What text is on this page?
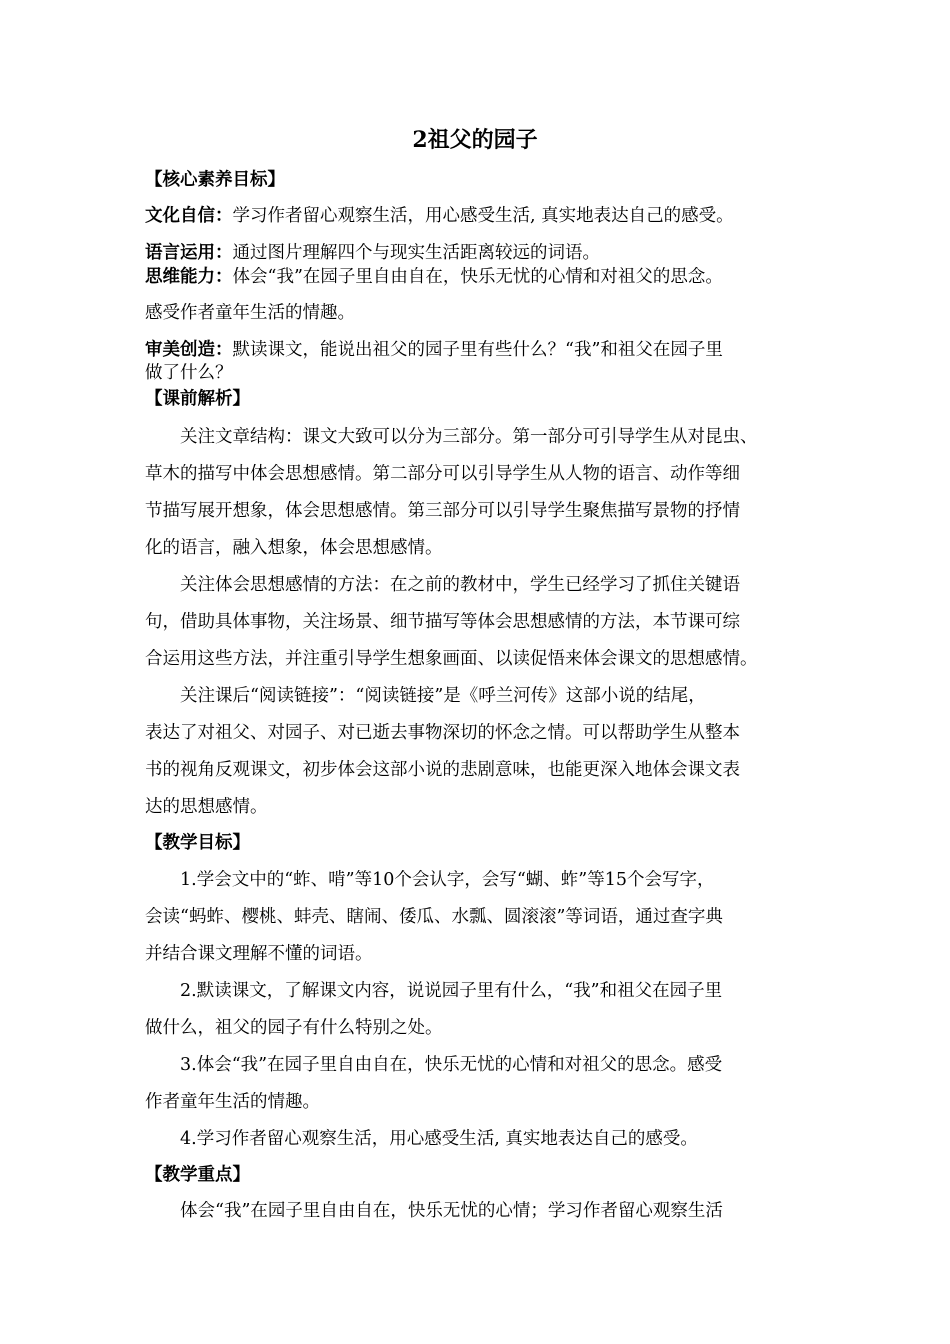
2祖父的园子
【核心素养目标】
文化自信：学习作者留心观察生活，用心感受生活, 真实地表达自己的感受。
语言运用：通过图片理解四个与现实生活距离较远的词语。
思维能力：体会“我”在园子里自由自在，快乐无忧的心情和对祖父的思念。
感受作者童年生活的情趣。
审美创造：默读课文，能说出祖父的园子里有些什么？“我”和祖父在园子里
做了什么？
【课前解析】
关注文章结构：课文大致可以分为三部分。第一部分可引导学生从对昆虫、
草木的描写中体会思想感情。第二部分可以引导学生从人物的语言、动作等细
节描写展开想象，体会思想感情。第三部分可以引导学生聚焦描写景物的抒情
化的语言，融入想象，体会思想感情。
关注体会思想感情的方法：在之前的教材中，学生已经学习了抓住关键语
句，借助具体事物，关注场景、细节描写等体会思想感情的方法，本节课可综
合运用这些方法，并注重引导学生想象画面、以读促悟来体会课文的思想感情。
关注课后“阅读链接”：“阅读链接”是《呼兰河传》这部小说的结尾，
表达了对祖父、对园子、对已逝去事物深切的怀念之情。可以帮助学生从整本
书的视角反观课文，初步体会这部小说的悲剧意味，也能更深入地体会课文表
达的思想感情。
【教学目标】
1.学会文中的“蚱、啃”等10个会认字，会写“蝴、蚱”等15个会写字，
会读“蚂蚱、樱桃、蚌壳、瞎闹、倭瓜、水瓢、圆滚滚”等词语，通过查字典
并结合课文理解不懂的词语。
2.默读课文，了解课文内容，说说园子里有什么，“我”和祖父在园子里
做什么，祖父的园子有什么特别之处。
3.体会“我”在园子里自由自在，快乐无忧的心情和对祖父的思念。感受
作者童年生活的情趣。
4.学习作者留心观察生活，用心感受生活, 真实地表达自己的感受。
【教学重点】
体会“我”在园子里自由自在，快乐无忧的心情；学习作者留心观察生活
